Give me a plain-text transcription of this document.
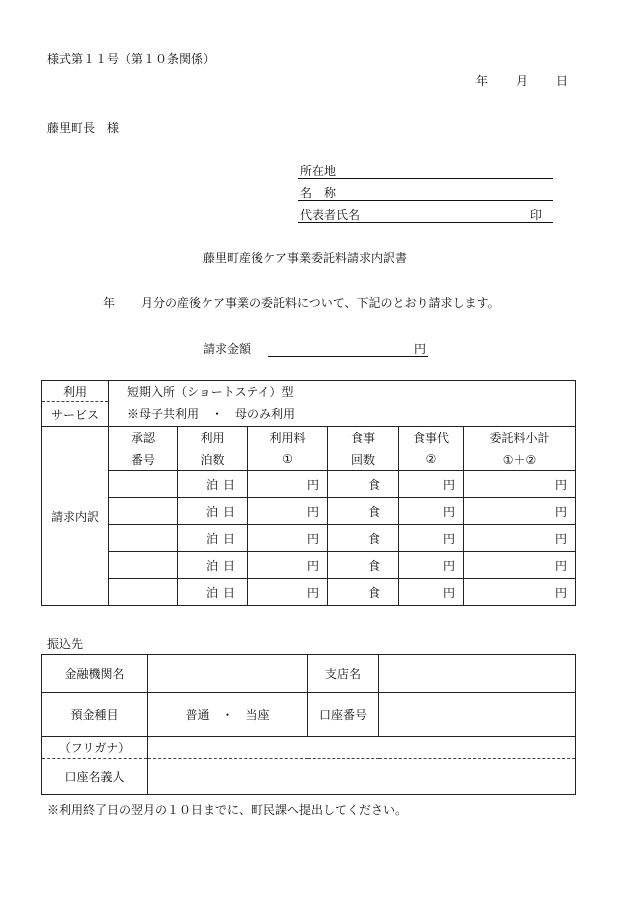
様式第１１号（第１０条関係）
年 月 日
藤里町長　様
所在地
名　称
代表者氏名	印
藤里町産後ケア事業委託料請求内訳書
年 月分の産後ケア事業の委託料について、下記のとおり請求します。
請求金額	円
利用	短期入所（ショートステイ）型					
サービス	※母子共利用　・　母のみ利用					
請求内訳	承認	利用	利用料	食事	食事代	委託料小計
	番号	泊数	①	回数	②	①＋②

		泊 日	円	食	円	円

		泊 日	円	食	円	円

		泊 日	円	食	円	円

		泊 日	円	食	円	円

		泊 日	円	食	円	円
振込先
金融機関名		支店名	
預金種目	普通　・　当座	口座番号	
（フリガナ）			
口座名義人			
※利用終了日の翌月の１０日までに、町民課へ提出してください。
